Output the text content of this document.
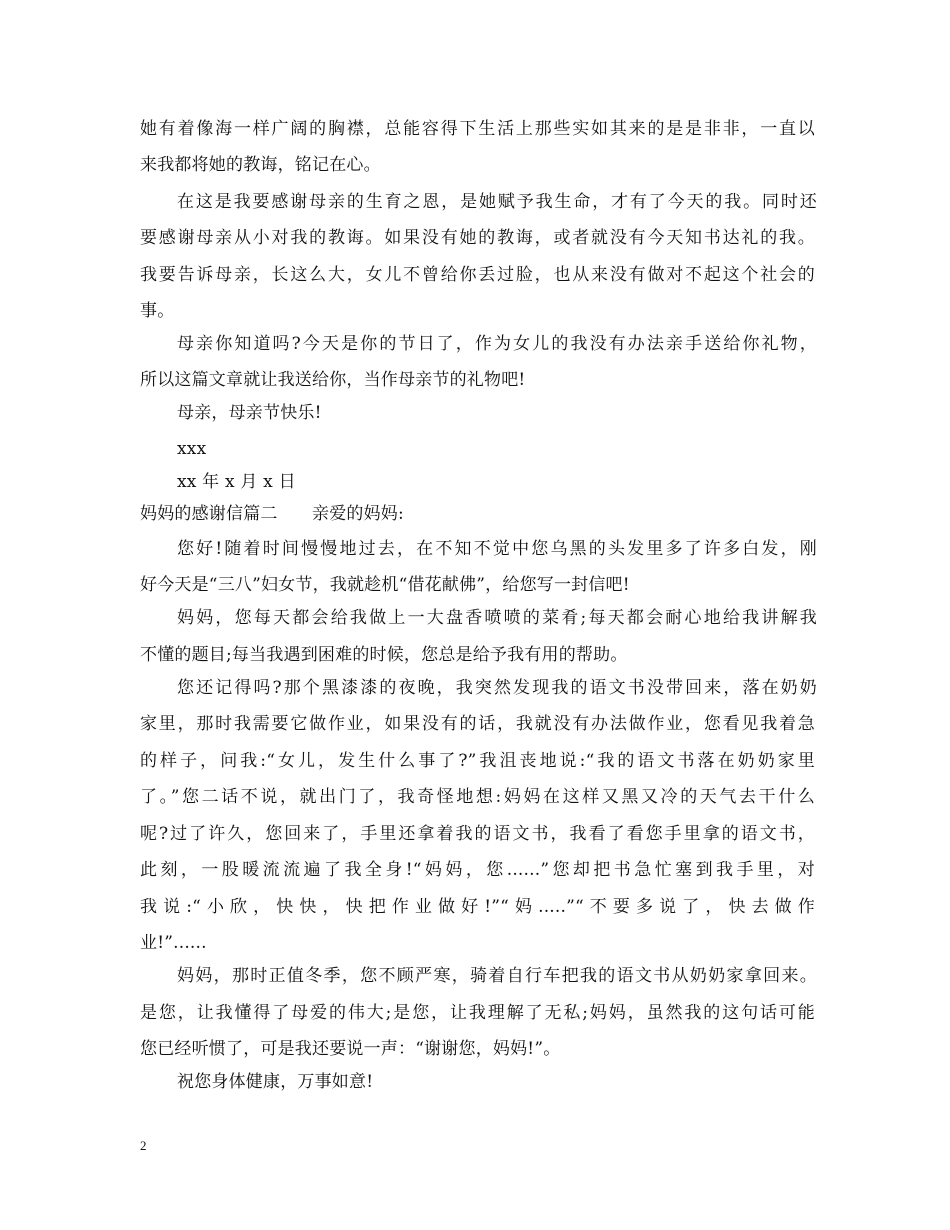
她有着像海一样广阔的胸襟，总能容得下生活上那些实如其来的是是非非，一直以
来我都将她的教诲，铭记在心。
在这是我要感谢母亲的生育之恩，是她赋予我生命，才有了今天的我。同时还
要感谢母亲从小对我的教诲。如果没有她的教诲，或者就没有今天知书达礼的我。
我要告诉母亲，长这么大，女儿不曾给你丢过脸，也从来没有做对不起这个社会的
事。
母亲你知道吗?今天是你的节日了，作为女儿的我没有办法亲手送给你礼物，
所以这篇文章就让我送给你，当作母亲节的礼物吧!
母亲，母亲节快乐!
xxx
xx 年 x 月 x 日
妈妈的感谢信篇二　　亲爱的妈妈:
您好!随着时间慢慢地过去，在不知不觉中您乌黑的头发里多了许多白发，刚
好今天是“三八”妇女节，我就趁机“借花献佛”，给您写一封信吧!
妈妈，您每天都会给我做上一大盘香喷喷的菜肴;每天都会耐心地给我讲解我
不懂的题目;每当我遇到困难的时候，您总是给予我有用的帮助。
您还记得吗?那个黑漆漆的夜晚，我突然发现我的语文书没带回来，落在奶奶
家里，那时我需要它做作业，如果没有的话，我就没有办法做作业，您看见我着急
的样子，问我:“女儿，发生什么事了?”我沮丧地说:“我的语文书落在奶奶家里
了。”您二话不说，就出门了，我奇怪地想:妈妈在这样又黑又冷的天气去干什么
呢?过了许久，您回来了，手里还拿着我的语文书，我看了看您手里拿的语文书，
此刻，一股暖流流遍了我全身!“妈妈，您......”您却把书急忙塞到我手里，对
我说:“小欣，快快，快把作业做好!”“妈.....”“不要多说了，快去做作
业!”......
妈妈，那时正值冬季，您不顾严寒，骑着自行车把我的语文书从奶奶家拿回来。
是您，让我懂得了母爱的伟大;是您，让我理解了无私;妈妈，虽然我的这句话可能
您已经听惯了，可是我还要说一声：“谢谢您，妈妈!”。
祝您身体健康，万事如意!
2
